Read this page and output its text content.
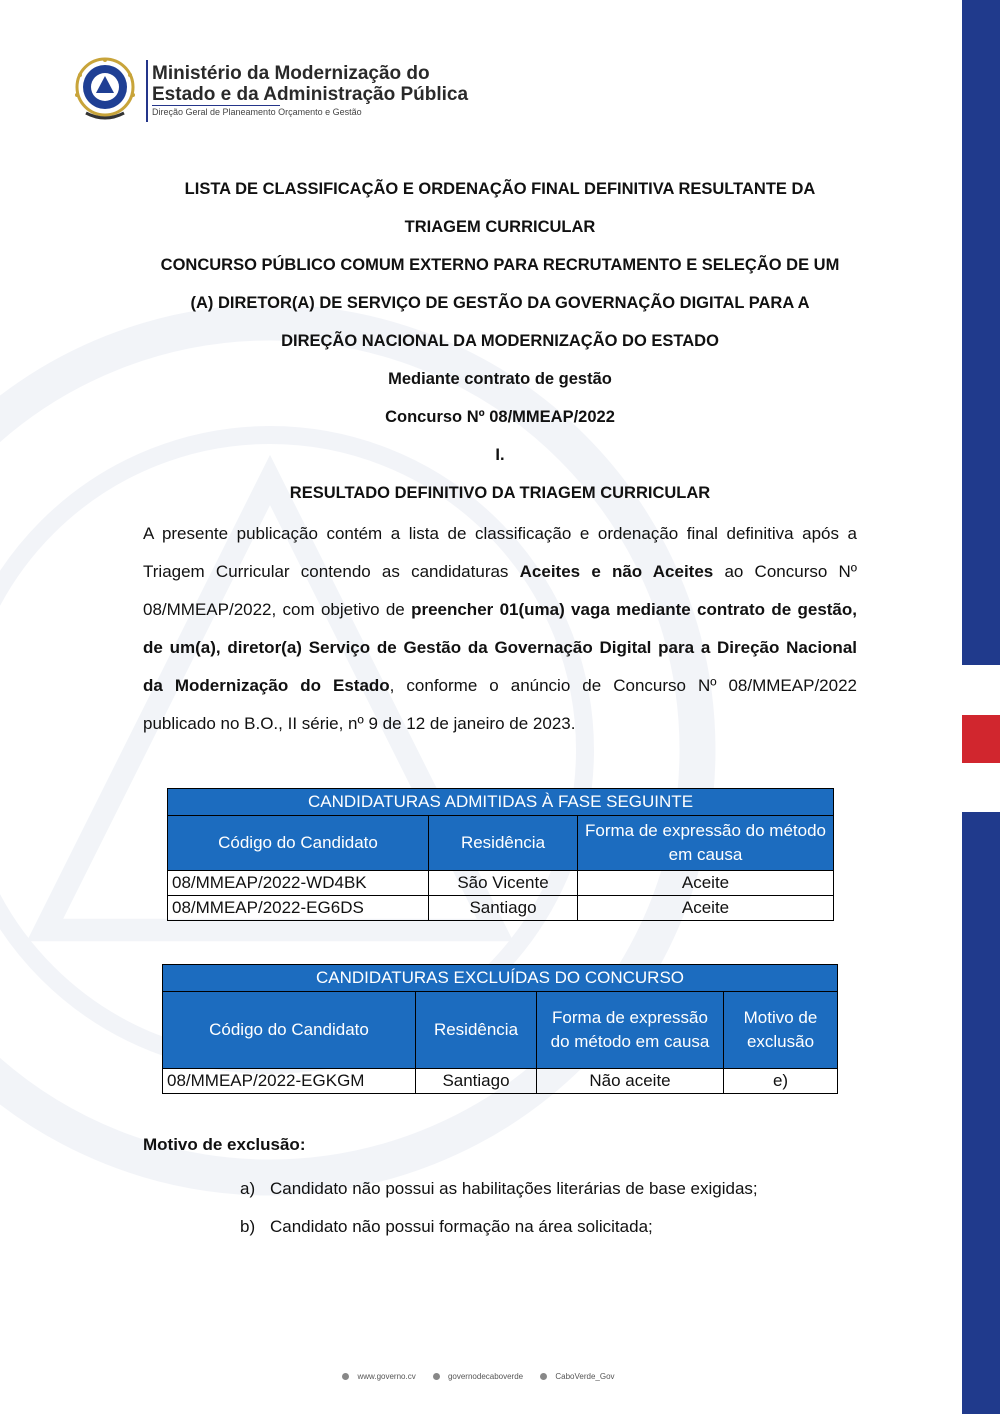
Ministério da Modernização do
Estado e da Administração Pública
Direção Geral de Planeamento Orçamento e Gestão
LISTA DE CLASSIFICAÇÃO E ORDENAÇÃO FINAL DEFINITIVA RESULTANTE DA
TRIAGEM CURRICULAR
CONCURSO PÚBLICO COMUM EXTERNO PARA RECRUTAMENTO E SELEÇÃO DE UM
(A) DIRETOR(A) DE SERVIÇO DE GESTÃO DA GOVERNAÇÃO DIGITAL PARA A
DIREÇÃO NACIONAL DA MODERNIZAÇÃO DO ESTADO
Mediante contrato de gestão
Concurso Nº 08/MMEAP/2022
I.
RESULTADO DEFINITIVO DA TRIAGEM CURRICULAR
A presente publicação contém a lista de classificação e ordenação final definitiva após a Triagem Curricular contendo as candidaturas Aceites e não Aceites ao Concurso Nº 08/MMEAP/2022, com objetivo de preencher 01(uma) vaga mediante contrato de gestão, de um(a), diretor(a) Serviço de Gestão da Governação Digital para a Direção Nacional da Modernização do Estado, conforme o anúncio de Concurso Nº 08/MMEAP/2022 publicado no B.O., II série, nº 9 de 12 de janeiro de 2023.
CANDIDATURAS ADMITIDAS À FASE SEGUINTE		
Código do Candidato	Residência	Forma de expressão do método em causa
08/MMEAP/2022-WD4BK	São Vicente	Aceite
08/MMEAP/2022-EG6DS	Santiago	Aceite
CANDIDATURAS EXCLUÍDAS DO CONCURSO			
Código do Candidato	Residência	Forma de expressão do método em causa	Motivo de exclusão
08/MMEAP/2022-EGKGM	Santiago	Não aceite	e)
Motivo de exclusão:
a) Candidato não possui as habilitações literárias de base exigidas;
b) Candidato não possui formação na área solicitada;
www.governo.cv	governodecaboverde	CaboVerde_Gov
